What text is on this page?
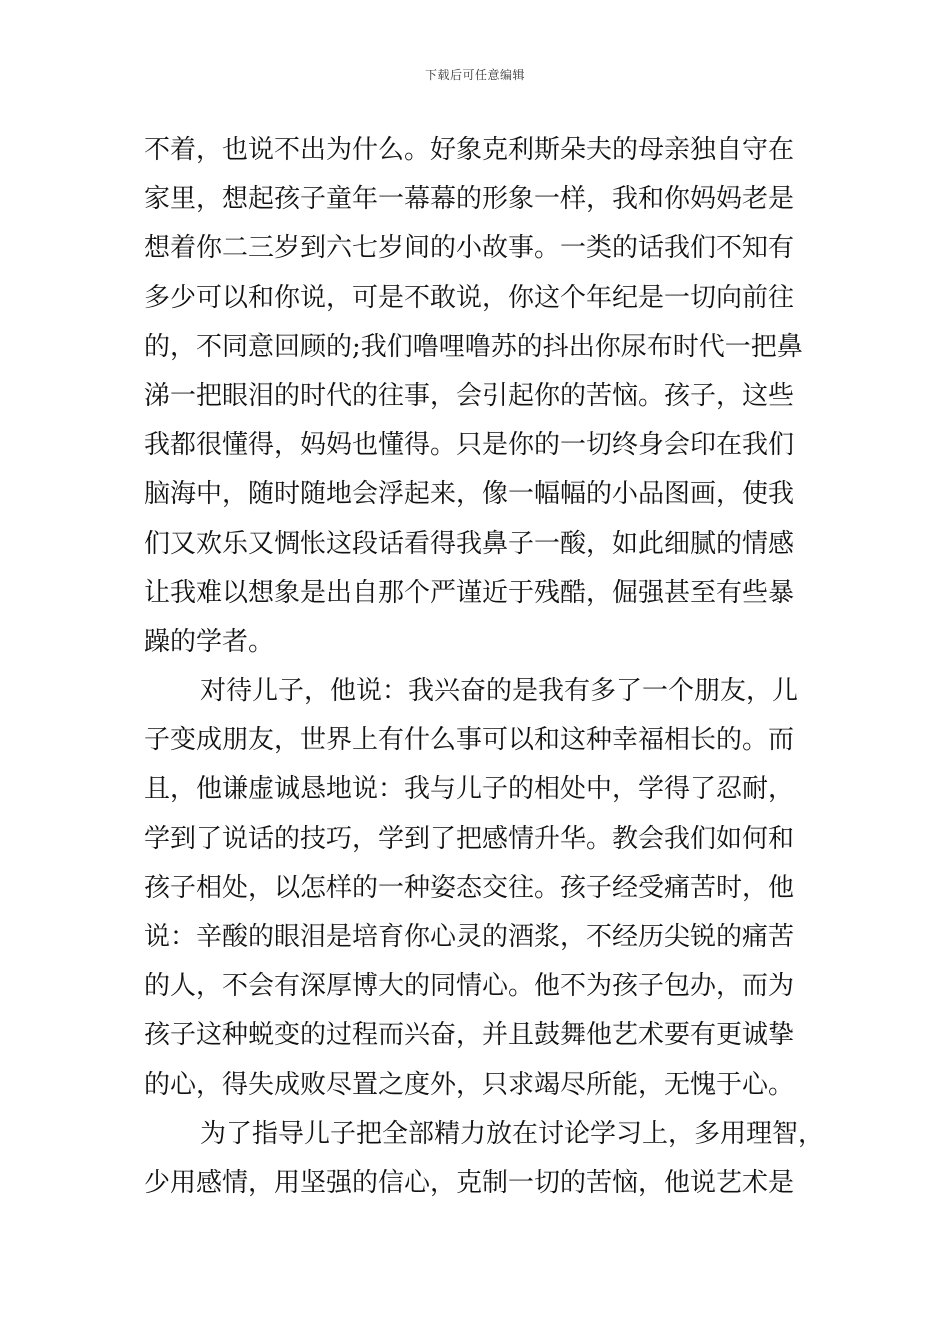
下载后可任意编辑
不着，也说不出为什么。好象克利斯朵夫的母亲独自守在
家里，想起孩子童年一幕幕的形象一样，我和你妈妈老是
想着你二三岁到六七岁间的小故事。一类的话我们不知有
多少可以和你说，可是不敢说，你这个年纪是一切向前往
的，不同意回顾的;我们噜哩噜苏的抖出你尿布时代一把鼻
涕一把眼泪的时代的往事，会引起你的苦恼。孩子，这些
我都很懂得，妈妈也懂得。只是你的一切终身会印在我们
脑海中，随时随地会浮起来，像一幅幅的小品图画，使我
们又欢乐又惆怅这段话看得我鼻子一酸，如此细腻的情感
让我难以想象是出自那个严谨近于残酷，倔强甚至有些暴
躁的学者。
对待儿子，他说：我兴奋的是我有多了一个朋友，儿
子变成朋友，世界上有什么事可以和这种幸福相长的。而
且，他谦虚诚恳地说：我与儿子的相处中，学得了忍耐，
学到了说话的技巧，学到了把感情升华。教会我们如何和
孩子相处，以怎样的一种姿态交往。孩子经受痛苦时，他
说：辛酸的眼泪是培育你心灵的酒浆，不经历尖锐的痛苦
的人，不会有深厚博大的同情心。他不为孩子包办，而为
孩子这种蜕变的过程而兴奋，并且鼓舞他艺术要有更诚挚
的心，得失成败尽置之度外，只求竭尽所能，无愧于心。
为了指导儿子把全部精力放在讨论学习上，多用理智，
少用感情，用坚强的信心，克制一切的苦恼，他说艺术是
